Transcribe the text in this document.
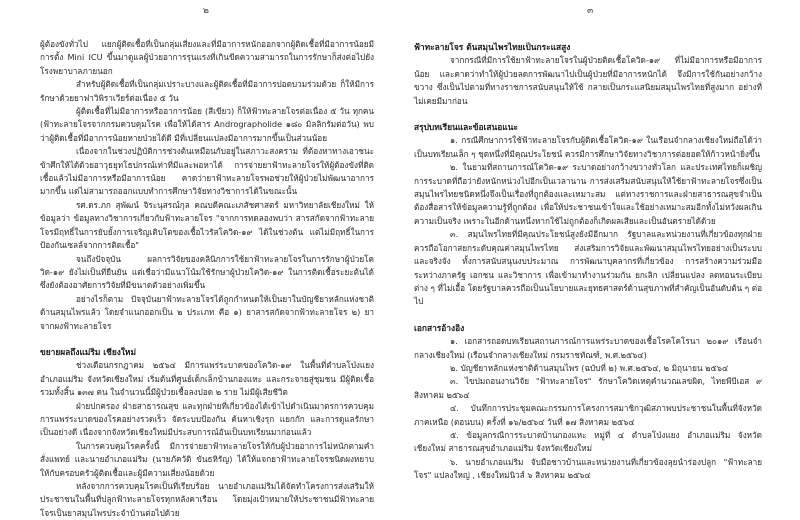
๒

ผู้ต้องขังทั่วไป แยกผู้ติดเชื้อที่เป็นกลุ่มเสี่ยงและที่มีอาการหนักออกจากผู้ติดเชื้อที่มีอาการน้อยมีการตั้ง Mini ICU ขึ้นมาดูแลผู้ป่วยอาการรุนแรงที่เกินขีดความสามารถในการรักษาก็ส่งต่อไปยังโรงพยาบาลภายนอก

สำหรับผู้ติดเชื้อที่เป็นกลุ่มเปราะบางและผู้ติดเชื้อที่มีอาการปอดบวมร่วมด้วย ก็ให้มีการรักษาด้วยยาฟาวิพิราเวียร์ต่อเนื่อง ๕ วัน

ผู้ติดเชื้อที่ไม่มีอาการหรืออาการน้อย (สีเขียว) ก็ให้ฟ้าทะลายโจรต่อเนื่อง ๕ วัน ทุกคน (ฟ้าทะลายโจรจากกรมควบคุมโรค เพื่อให้ได้สาร Andrographolide ๑๘๐ มิลลิกรัมต่อวัน) พบว่าผู้ติดเชื้อที่มีอาการน้อยหายป่วยได้ดี มีที่เปลี่ยนแปลงมีอาการมากขึ้นเป็นส่วนน้อย

เนื่องจากในช่วงปฏิบัติการช่วงต้นเหมือนกับอยู่ในสภาวะสงคราม ที่ต้องหาทางเอาชนะข้าศึกให้ได้ด้วยอาวุธยุทโธปกรณ์เท่าที่มีและพอหาได้ การจ่ายยาฟ้าทะลายโจรให้ผู้ต้องขังที่ติดเชื้อแล้วไม่มีอาการหรือมีอาการน้อย คาดว่ายาฟ้าทะลายโจรพอช่วยให้ผู้ป่วยไม่พัฒนาอาการมากขึ้น แต่ไม่สามารถออกแบบทำการศึกษาวิจัยทางวิชาการได้ในขณะนั้น

รศ.ดร.ภก สุพัฒน์ จิระนุสรณ์กุล คณบดีคณะเภสัชศาสตร์ มหาวิทยาลัยเชียงใหม่ ให้ข้อมูลว่า ข้อมูลทางวิชาการเกี่ยวกับฟ้าทะลายโจร "จากการทดลองพบว่า สารสกัดจากฟ้าทะลายโจรมีฤทธิ์ในการยับยั้งการเจริญเติบโตของเชื้อไวรัสโควิด-๑๙ ได้ในช่วงต้น แต่ไม่มีฤทธิ์ในการป้องกันเซลล์จากการติดเชื้อ"

จนถึงปัจจุบัน ผลการวิจัยของคลินิกการใช้ยาฟ้าทะลายโจรในการรักษาผู้ป่วยโควิด-๑๙ ยังไม่เป็นที่ยืนยัน แต่เชื่อว่ามีแนวโน้มใช้รักษาผู้ป่วยโควิด-๑๙ ในการติดเชื้อระยะต้นได้ ซึ่งยังต้องอาศัยการวิจัยที่มีขนาดตัวอย่างเพิ่มขึ้น

อย่างไรก็ตาม ปัจจุบันยาฟ้าทะลายโจรได้ถูกกำหนดให้เป็นยาในบัญชียาหลักแห่งชาติด้านสมุนไพรแล้ว โดยจำแนกออกเป็น ๒ ประเภท คือ ๑) ยาสารสกัดจากฟ้าทะลายโจร ๒) ยาจากผงฟ้าทะลายโจร

ขยายผลถึงแม่ริม เชียงใหม่

ช่วงเดือนกรกฎาคม ๒๕๖๔ มีการแพร่ระบาดของโควิด-๑๙ ในพื้นที่ตำบลโป่งแยง อำเภอแม่ริม จังหวัดเชียงใหม่ เริ่มต้นที่ศูนย์เด็กเล็กบ้านกองแหะ และกระจายสู่ชุมชน มีผู้ติดเชื้อรวมทั้งสิ้น ๑๓๗ คน ในจำนวนนี้มีผู้ป่วยเชื้อลงปอด ๒ ราย ไม่มีผู้เสียชีวิต

ฝ่ายปกครอง ฝ่ายสาธารณสุข และทุกฝ่ายที่เกี่ยวข้องได้เข้าไปดำเนินมาตรการควบคุมการแพร่ระบาดของโรคอย่างรวดเร็ว จัดระบบป้องกัน ค้นหาเชิงรุก แยกกัก และการดูแลรักษาเป็นอย่างดี เนื่องจากจังหวัดเชียงใหม่มีประสบการณ์อันเป็นบทเรียนมาก่อนแล้ว

ในการควบคุมโรคครั้งนี้ มีการจ่ายยาฟ้าทะลายโจรให้กับผู้ป่วยอาการไม่หนักตามคำสั่งแพทย์ และนายอำเภอแม่ริม (นายภัควัติ ขันธหิรัญ) ได้ให้แจกยาฟ้าทะลายโจรชนิดผงหยาบให้กับครอบครัวผู้ติดเชื้อและผู้มีความเสี่ยงน้อยด้วย

หลังจากการควบคุมโรคเป็นที่เรียบร้อย นายอำเภอแม่ริมได้จัดทำโครงการส่งเสริมให้ประชาชนในพื้นที่ปลูกฟ้าทะลายโจรทุกหลังคาเรือน โดยมุ่งเป้าหมายให้ประชาชนมีฟ้าทะลายโจรเป็นยาสมุนไพรประจำบ้านต่อไปด้วย

๓
ฟ้าทะลายโจร ต้นสมุนไพรไทยเป็นกระแสสูง

จากกรณีที่มีการใช้ยาฟ้าทะลายโจรในผู้ป่วยติดเชื้อโควิด-๑๙ ที่ไม่มีอาการหรือมีอาการน้อย และคาดว่าทำให้ผู้ป่วยลดการพัฒนาไปเป็นผู้ป่วยที่มีอาการหนักได้ จึงมีการใช้กันอย่างกว้างขวาง ซึ่งเป็นไปตามที่ทางราชการสนับสนุนให้ใช้ กลายเป็นกระแสนิยมสมุนไพรไทยที่สูงมาก อย่างที่ไม่เคยมีมาก่อน

สรุปบทเรียนและข้อเสนอแนะ

๑. กรณีศึกษาการใช้ฟ้าทะลายโจรกับผู้ติดเชื้อโควิด-๑๙ ในเรือนจำกลางเชียงใหม่ถือได้ว่าเป็นบทเรียนเล็ก ๆ ชุดหนึ่งที่มีคุณประโยชน์ ควรมีการศึกษาวิจัยทางวิชาการต่อยอดให้ก้าวหน้ายิ่งขึ้น

๒. ในยามที่สถานการณ์โควิด-๑๙ ระบาดอย่างกว้างขวางทั่วโลก และประเทศไทยก็เผชิญการระบาดที่ถือว่ายังหนักหน่วงไปอีกเป็นเวลานาน การส่งเสริมสนับสนุนให้ใช้ยาฟ้าทะลายโจรซึ่งเป็นสมุนไพรไทยชนิดหนึ่งจึงเป็นเรื่องที่ถูกต้องและเหมาะสม แต่ทางราชการและฝ่ายสาธารณสุขจำเป็นต้องสื่อสารให้ข้อมูลความรู้ที่ถูกต้อง เพื่อให้ประชาชนเข้าใจและใช้อย่างเหมาะสมอีกทั้งไม่หวังผลเกินความเป็นจริง เพราะในอีกด้านหนึ่งหากใช้ไม่ถูกต้องก็เกิดผลเสียและเป็นอันตรายได้ด้วย

๓. สมุนไพรไทยที่มีคุณประโยชน์สูงยังมีอีกมาก รัฐบาลและหน่วยงานที่เกี่ยวข้องทุกฝ่ายควรถือโอกาสยกระดับคุณค่าสมุนไพรไทย ส่งเสริมการวิจัยและพัฒนาสมุนไพรไทยอย่างเป็นระบบและจริงจัง ทั้งการสนับสนุนงบประมาณ การพัฒนาบุคลากรที่เกี่ยวข้อง การสร้างความร่วมมือระหว่างภาครัฐ เอกชน และวิชาการ เพื่อเข้ามาทำงานร่วมกัน ยกเลิก เปลี่ยนแปลง ลดทอนระเบียบต่าง ๆ ที่ไม่เอื้อ โดยรัฐบาลควรถือเป็นนโยบายและยุทธศาสตร์ด้านสุขภาพที่สำคัญเป็นอันดับต้น ๆ ต่อไป

เอกสารอ้างอิง

๑. เอกสารถอดบทเรียนสถานการณ์การแพร่ระบาดของเชื้อโรคโคโรนา ๒๐๑๙ เรือนจำกลางเชียงใหม่ (เรือนจำกลางเชียงใหม่ กรมราชทัณฑ์, พ.ศ.๒๕๖๔)

๒. บัญชียาหลักแห่งชาติด้านสมุนไพร (ฉบับที่ ๒) พ.ศ.๒๕๖๔, ๒ มิถุนายน ๒๕๖๔

๓. ไขปมถอนงานวิจัย "ฟ้าทะลายโจร" รักษาโควิดเหตุคำนวณเลขผิด, ไทยพีบีเอส ๙ สิงหาคม ๒๕๖๔

๔. บันทึกการประชุมคณะกรรมการโครงการสมาชิกวุฒิสภาพบประชาชนในพื้นที่จังหวัดภาคเหนือ (ตอนบน) ครั้งที่ ๑๖/๒๕๖๔ วันที่ ๑๗ สิงหาคม ๒๕๖๔

๕. ข้อมูลกรณีการระบาดบ้านกองแหะ หมู่ที่ ๔ ตำบลโป่งแยง อำเภอแม่ริม จังหวัดเชียงใหม่ สาธารณสุขอำเภอแม่ริม จังหวัดเชียงใหม่

๖. นายอำเภอแม่ริม จับมือชาวบ้านและหน่วยงานที่เกี่ยวข้องลุยนำร่องปลูก "ฟ้าทะลายโจร" แปลงใหญ่ , เชียงใหม่นิวส์ ๖ สิงหาคม ๒๕๖๔
